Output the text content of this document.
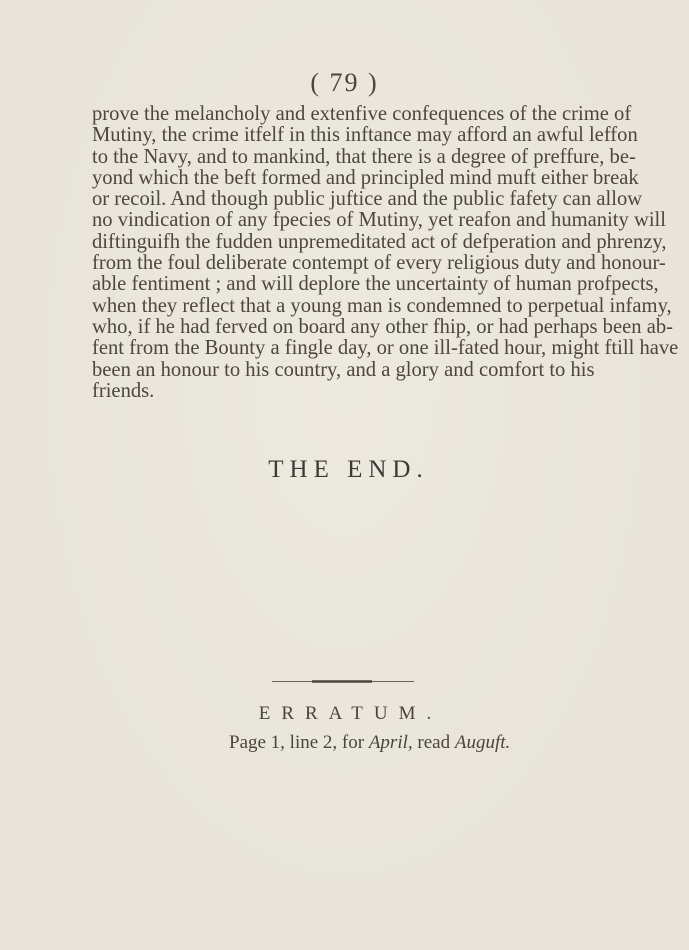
( 79 )
prove the melancholy and extenfive confequences of the crime of
Mutiny, the crime itfelf in this inftance may afford an awful leffon
to the Navy, and to mankind, that there is a degree of preffure, be-
yond which the beft formed and principled mind muft either break
or recoil. And though public juftice and the public fafety can allow
no vindication of any fpecies of Mutiny, yet reafon and humanity will
diftinguifh the fudden unpremeditated act of defperation and phrenzy,
from the foul deliberate contempt of every religious duty and honour-
able fentiment ; and will deplore the uncertainty of human profpects,
when they reflect that a young man is condemned to perpetual infamy,
who, if he had ferved on board any other fhip, or had perhaps been ab-
fent from the Bounty a fingle day, or one ill-fated hour, might ftill have
been an honour to his country, and a glory and comfort to his
friends.
THE END.
ERRATUM.
Page 1, line 2, for April, read Auguft.
